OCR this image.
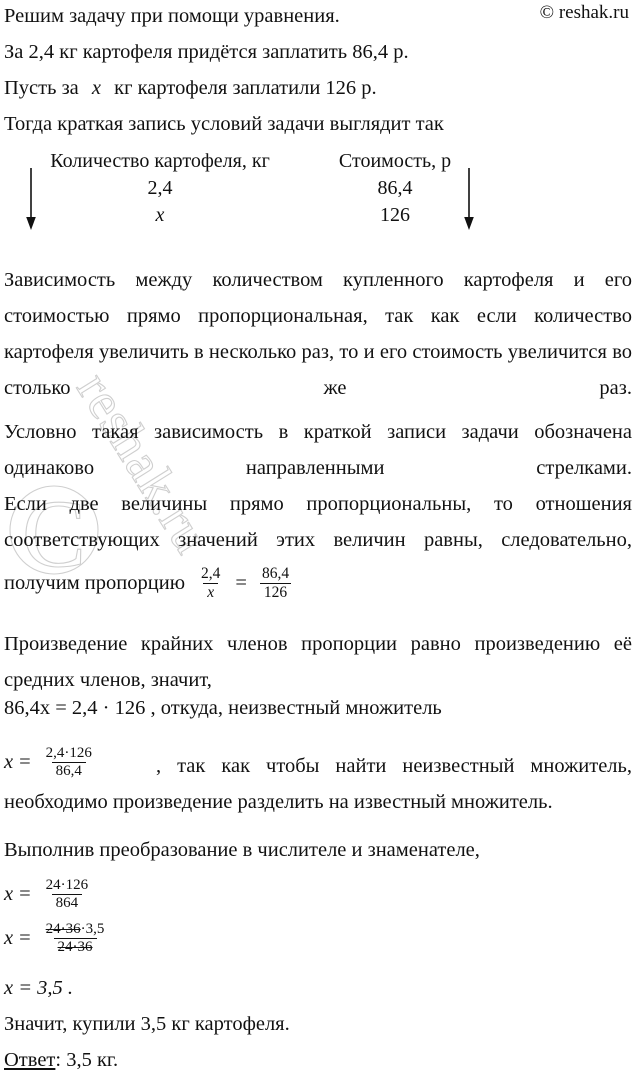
reshak.ru
C
© reshak.ru
Решим задачу при помощи уравнения.
За 2,4 кг картофеля придётся заплатить 86,4 р.
Пусть за x кг картофеля заплатили 126 р.
Тогда краткая запись условий задачи выглядит так
Количество картофеля, кг	Стоимость, р
2,4	86,4
x	126
Зависимость между количеством купленного картофеля и его стоимостью прямо пропорциональная, так как если количество картофеля увеличить в несколько раз, то и его стоимость увеличится во столько же раз.
Условно такая зависимость в краткой записи задачи обозначена одинаково направленными стрелками.
Если две величины прямо пропорциональны, то отношения соответствующих значений этих величин равны, следовательно,
получим пропорцию $\frac{2,4}{x} = \frac{86,4}{126}$
Произведение крайних членов пропорции равно произведению её средних членов, значит,
86,4x = 2,4 · 126 , откуда, неизвестный множитель
$x = \frac{2,4\cdot 126}{86,4}$	, так как чтобы найти неизвестный множитель, необходимо произведение разделить на известный множитель.
Выполнив преобразование в числителе и знаменателе,
$x = \frac{24\cdot 126}{864}$
$x = \frac{24\cdot 36\cdot 3,5}{24\cdot 36}$
x = 3,5 .
Значит, купили 3,5 кг картофеля.
Ответ: 3,5 кг.
